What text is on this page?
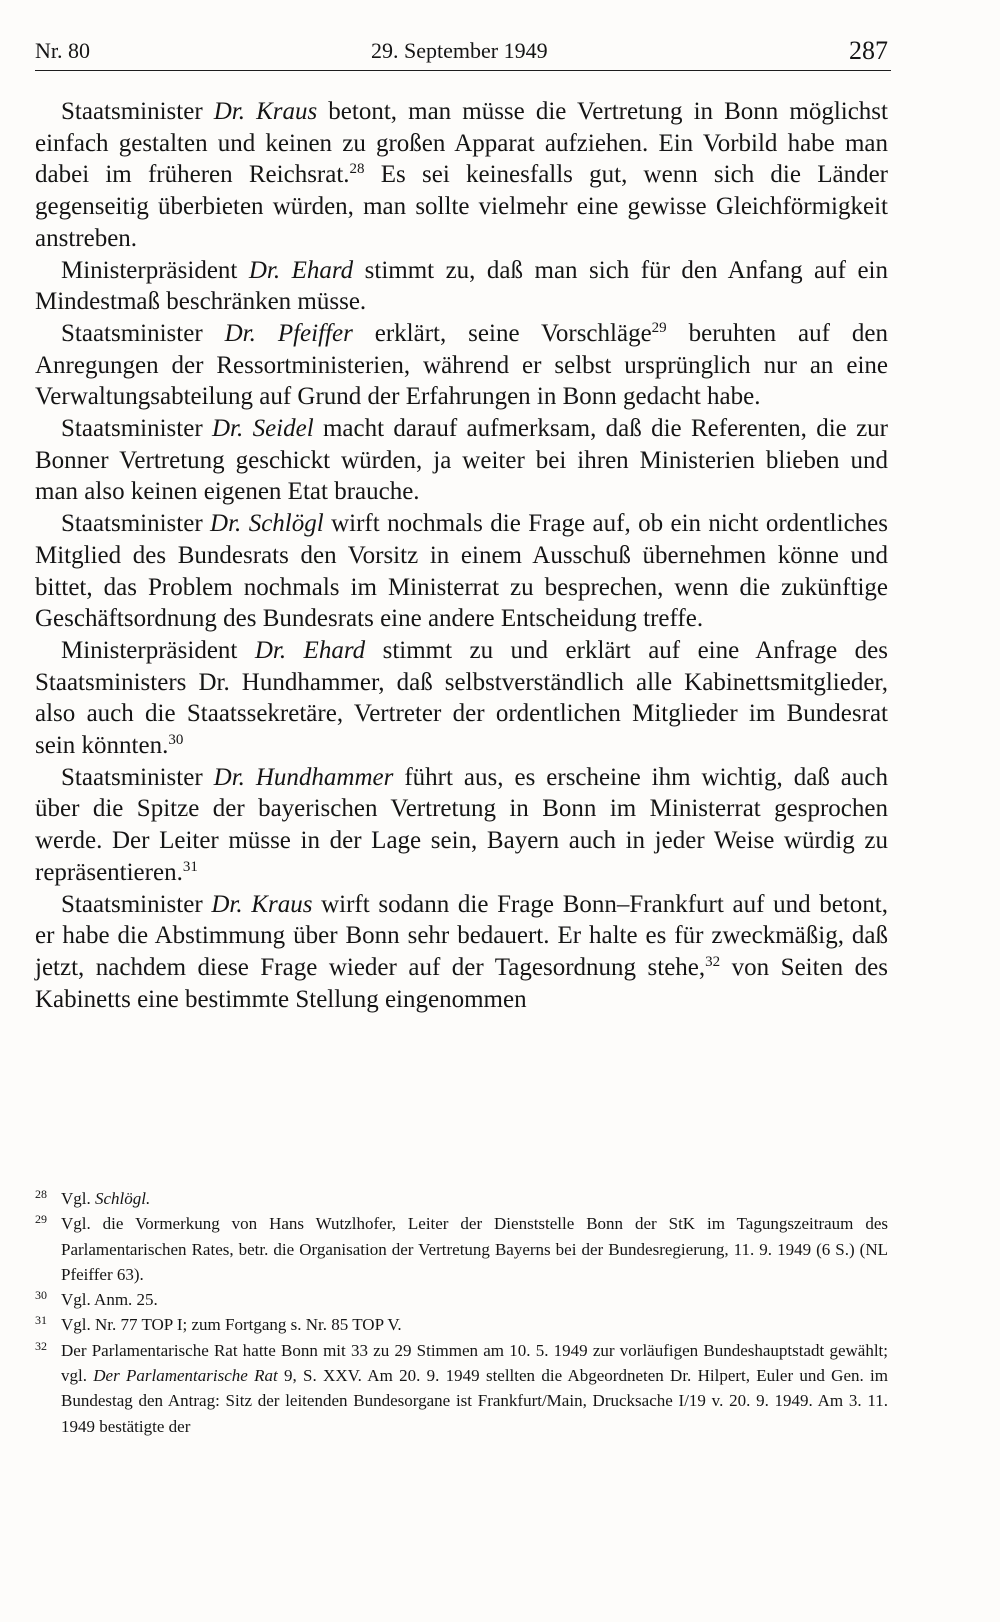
Nr. 80	29. September 1949	287

Staatsminister Dr. Kraus betont, man müsse die Vertretung in Bonn möglichst einfach gestalten und keinen zu großen Apparat aufziehen. Ein Vorbild habe man dabei im früheren Reichsrat.$^{28}$ Es sei keinesfalls gut, wenn sich die Länder gegenseitig überbieten würden, man sollte vielmehr eine gewisse Gleichförmigkeit anstreben.

Ministerpräsident Dr. Ehard stimmt zu, daß man sich für den Anfang auf ein Mindestmaß beschränken müsse.

Staatsminister Dr. Pfeiffer erklärt, seine Vorschläge$^{29}$ beruhten auf den Anregungen der Ressortministerien, während er selbst ursprünglich nur an eine Verwaltungsabteilung auf Grund der Erfahrungen in Bonn gedacht habe.

Staatsminister Dr. Seidel macht darauf aufmerksam, daß die Referenten, die zur Bonner Vertretung geschickt würden, ja weiter bei ihren Ministerien blieben und man also keinen eigenen Etat brauche.

Staatsminister Dr. Schlögl wirft nochmals die Frage auf, ob ein nicht ordentliches Mitglied des Bundesrats den Vorsitz in einem Ausschuß übernehmen könne und bittet, das Problem nochmals im Ministerrat zu besprechen, wenn die zukünftige Geschäftsordnung des Bundesrats eine andere Entscheidung treffe.

Ministerpräsident Dr. Ehard stimmt zu und erklärt auf eine Anfrage des Staatsministers Dr. Hundhammer, daß selbstverständlich alle Kabinettsmitglieder, also auch die Staatssekretäre, Vertreter der ordentlichen Mitglieder im Bundesrat sein könnten.$^{30}$

Staatsminister Dr. Hundhammer führt aus, es erscheine ihm wichtig, daß auch über die Spitze der bayerischen Vertretung in Bonn im Ministerrat gesprochen werde. Der Leiter müsse in der Lage sein, Bayern auch in jeder Weise würdig zu repräsentieren.$^{31}$

Staatsminister Dr. Kraus wirft sodann die Frage Bonn–Frankfurt auf und betont, er habe die Abstimmung über Bonn sehr bedauert. Er halte es für zweckmäßig, daß jetzt, nachdem diese Frage wieder auf der Tagesordnung stehe,$^{32}$ von Seiten des Kabinetts eine bestimmte Stellung eingenommen

28 Vgl. Schlögl.
29 Vgl. die Vormerkung von Hans Wutzlhofer, Leiter der Dienststelle Bonn der StK im Tagungszeitraum des Parlamentarischen Rates, betr. die Organisation der Vertretung Bayerns bei der Bundesregierung, 11. 9. 1949 (6 S.) (NL Pfeiffer 63).
30 Vgl. Anm. 25.
31 Vgl. Nr. 77 TOP I; zum Fortgang s. Nr. 85 TOP V.
32 Der Parlamentarische Rat hatte Bonn mit 33 zu 29 Stimmen am 10. 5. 1949 zur vorläufigen Bundeshauptstadt gewählt; vgl. Der Parlamentarische Rat 9, S. XXV. Am 20. 9. 1949 stellten die Abgeordneten Dr. Hilpert, Euler und Gen. im Bundestag den Antrag: Sitz der leitenden Bundesorgane ist Frankfurt/Main, Drucksache I/19 v. 20. 9. 1949. Am 3. 11. 1949 bestätigte der
